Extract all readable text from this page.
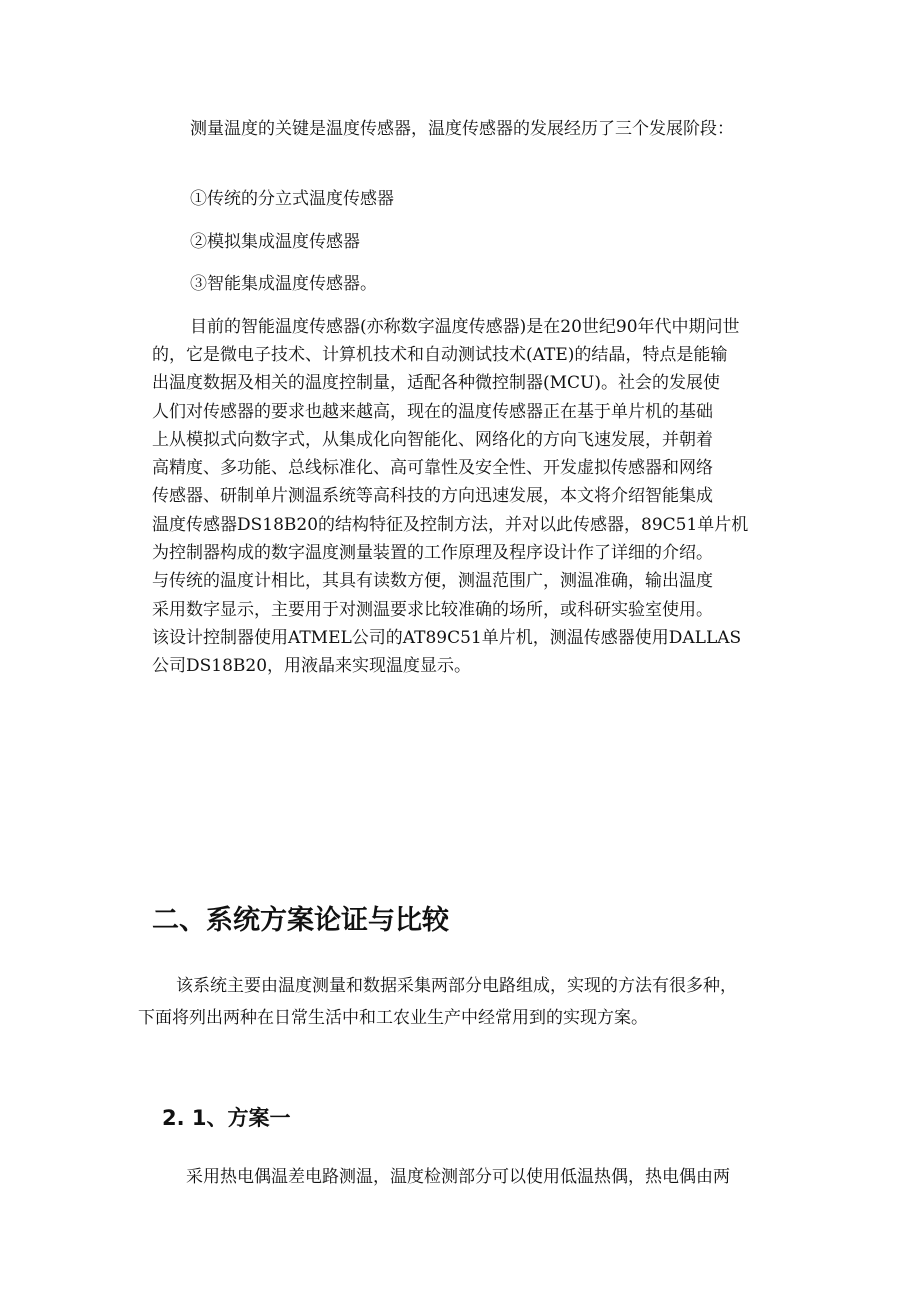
测量温度的关键是温度传感器，温度传感器的发展经历了三个发展阶段：
①传统的分立式温度传感器
②模拟集成温度传感器
③智能集成温度传感器。
目前的智能温度传感器(亦称数字温度传感器)是在20世纪90年代中期问世
的，它是微电子技术、计算机技术和自动测试技术(ATE)的结晶，特点是能输
出温度数据及相关的温度控制量，适配各种微控制器(MCU)。社会的发展使
人们对传感器的要求也越来越高，现在的温度传感器正在基于单片机的基础
上从模拟式向数字式，从集成化向智能化、网络化的方向飞速发展，并朝着
高精度、多功能、总线标准化、高可靠性及安全性、开发虚拟传感器和网络
传感器、研制单片测温系统等高科技的方向迅速发展，本文将介绍智能集成
温度传感器DS18B20的结构特征及控制方法，并对以此传感器，89C51单片机
为控制器构成的数字温度测量装置的工作原理及程序设计作了详细的介绍。
与传统的温度计相比，其具有读数方便，测温范围广，测温准确，输出温度
采用数字显示，主要用于对测温要求比较准确的场所，或科研实验室使用。
该设计控制器使用ATMEL公司的AT89C51单片机，测温传感器使用DALLAS
公司DS18B20，用液晶来实现温度显示。
二、系统方案论证与比较
该系统主要由温度测量和数据采集两部分电路组成，实现的方法有很多种，
下面将列出两种在日常生活中和工农业生产中经常用到的实现方案。
2. 1、方案一
采用热电偶温差电路测温，温度检测部分可以使用低温热偶，热电偶由两
